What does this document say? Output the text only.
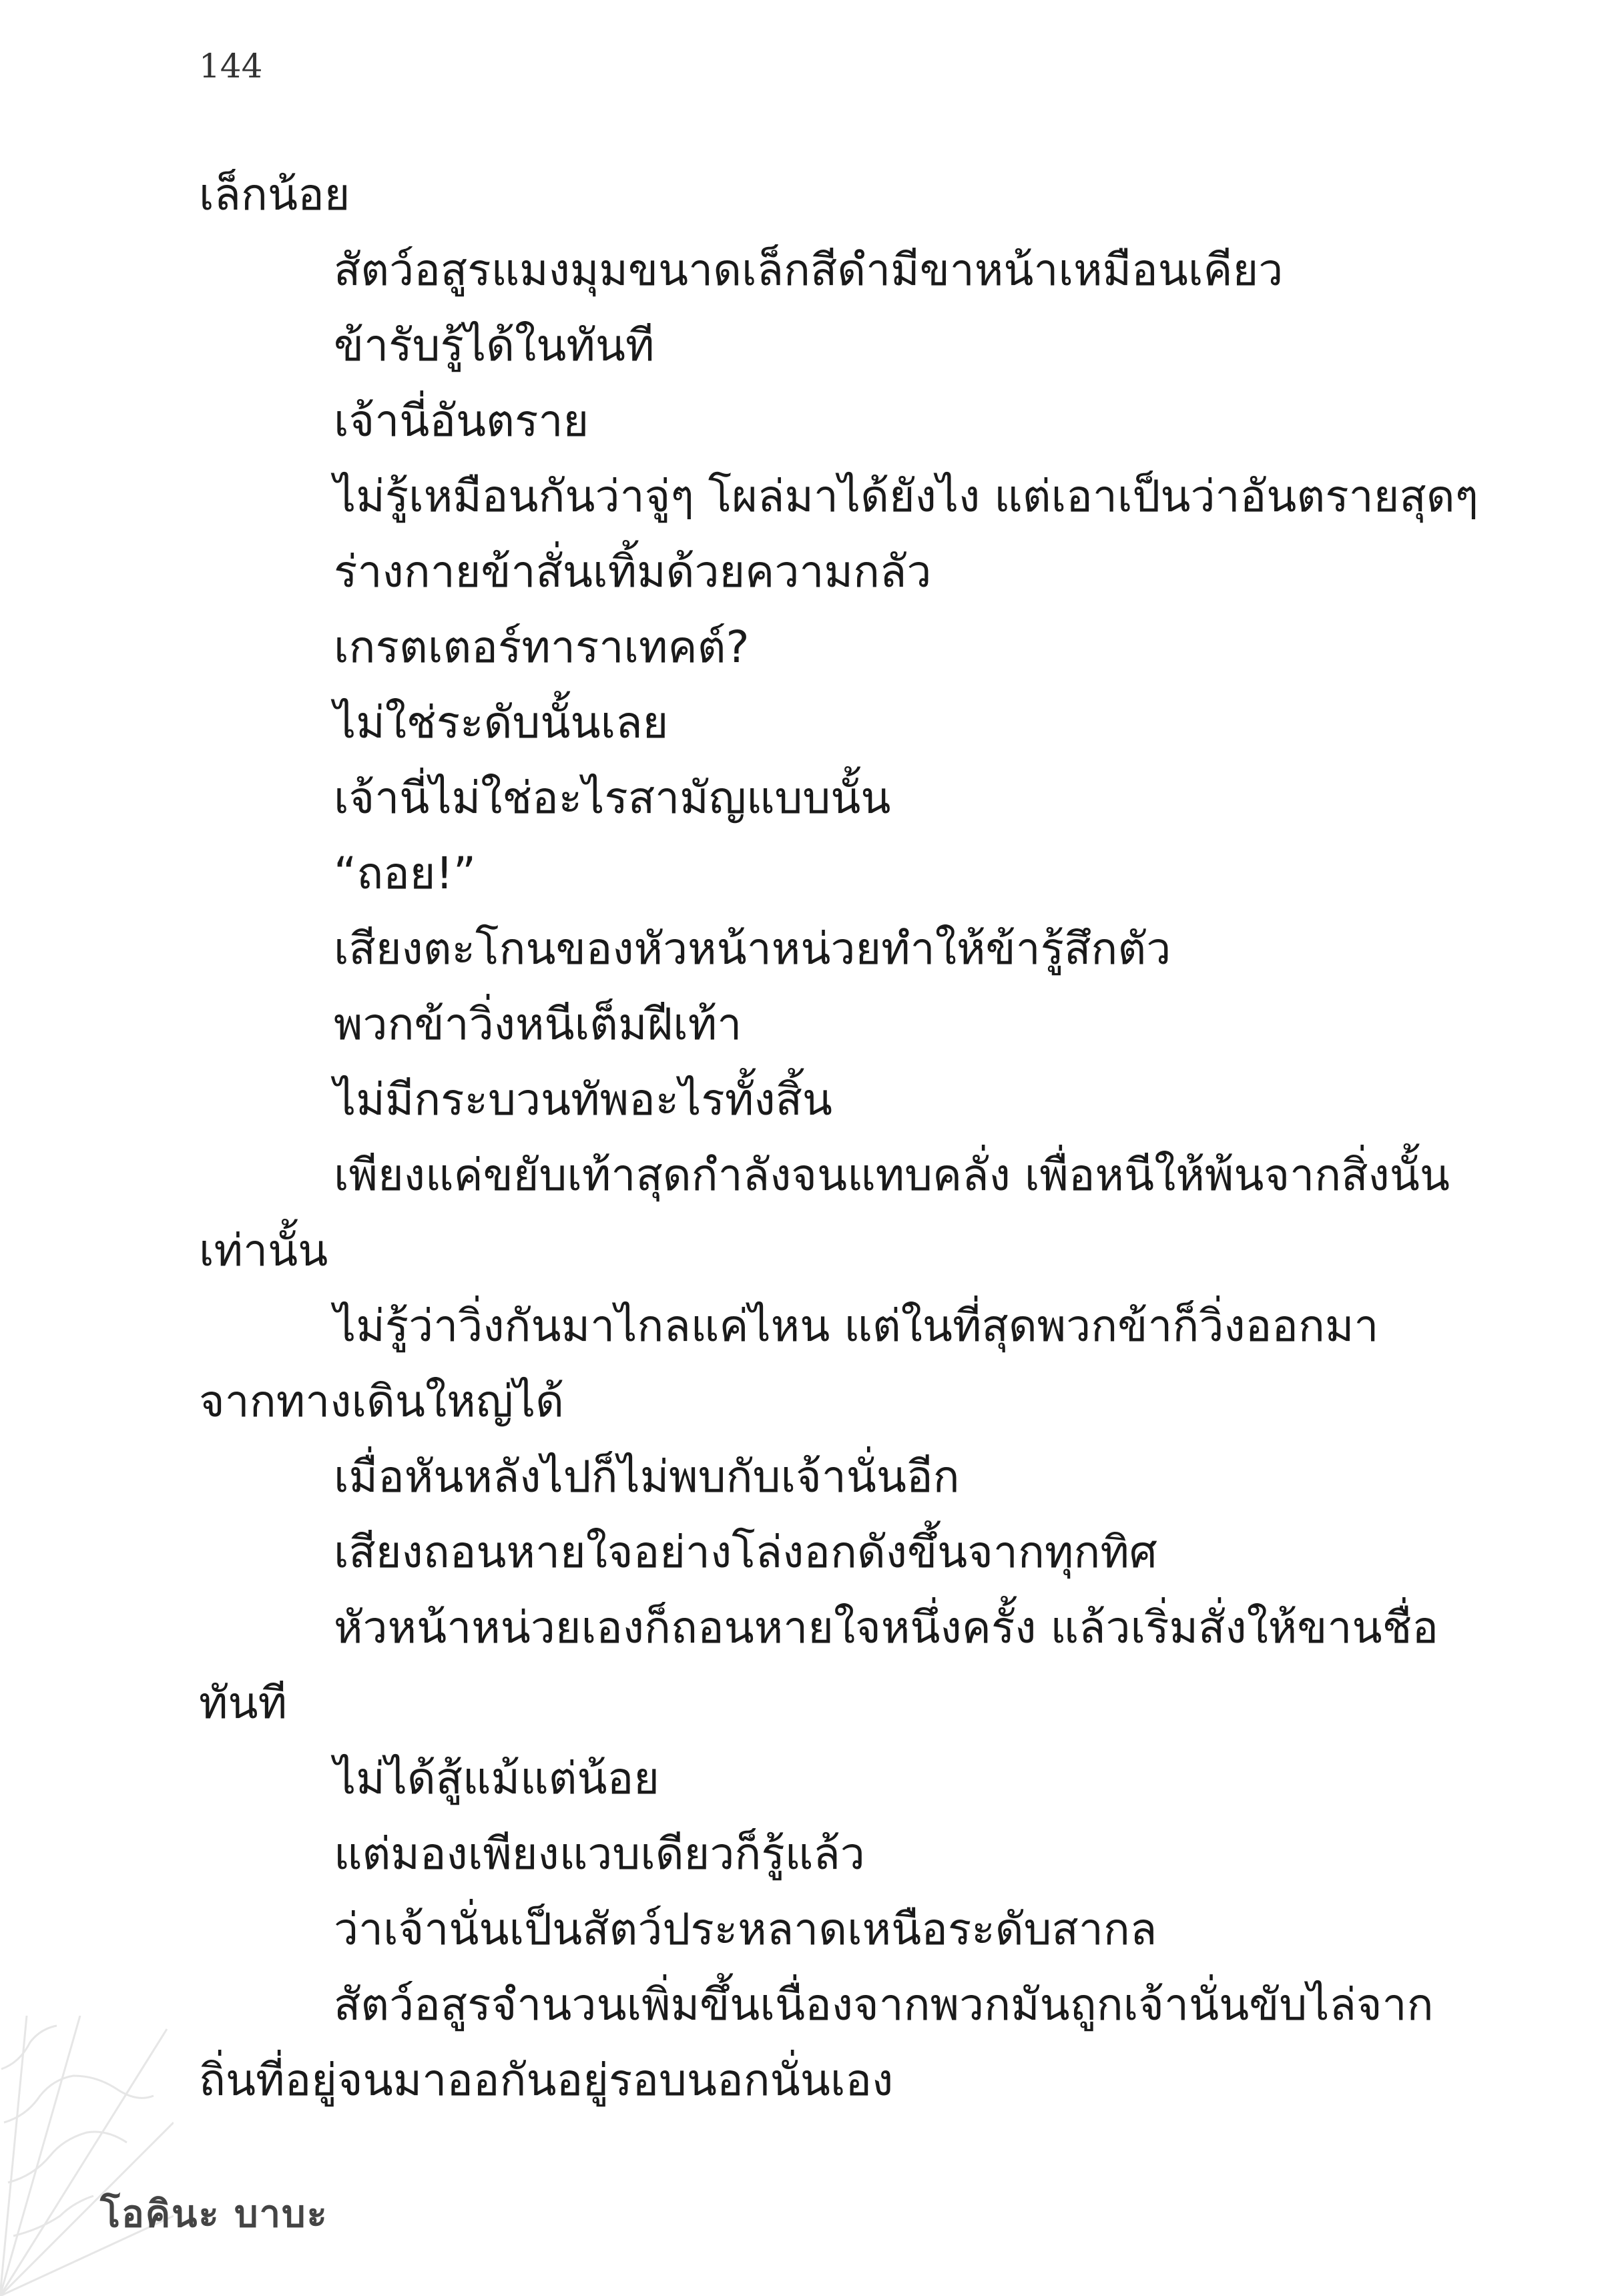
144
เล็กน้อย
สัตว์อสูรแมงมุมขนาดเล็กสีดำมีขาหน้าเหมือนเคียว
ข้ารับรู้ได้ในทันที
เจ้านี่อันตราย
ไม่รู้เหมือนกันว่าจู่ๆ โผล่มาได้ยังไง แต่เอาเป็นว่าอันตรายสุดๆ
ร่างกายข้าสั่นเทิ้มด้วยความกลัว
เกรตเตอร์ทาราเทคต์?
ไม่ใช่ระดับนั้นเลย
เจ้านี่ไม่ใช่อะไรสามัญแบบนั้น
“ถอย!”
เสียงตะโกนของหัวหน้าหน่วยทำให้ข้ารู้สึกตัว
พวกข้าวิ่งหนีเต็มฝีเท้า
ไม่มีกระบวนทัพอะไรทั้งสิ้น
เพียงแค่ขยับเท้าสุดกำลังจนแทบคลั่ง เพื่อหนีให้พ้นจากสิ่งนั้น
เท่านั้น
ไม่รู้ว่าวิ่งกันมาไกลแค่ไหน แต่ในที่สุดพวกข้าก็วิ่งออกมา
จากทางเดินใหญ่ได้
เมื่อหันหลังไปก็ไม่พบกับเจ้านั่นอีก
เสียงถอนหายใจอย่างโล่งอกดังขึ้นจากทุกทิศ
หัวหน้าหน่วยเองก็ถอนหายใจหนึ่งครั้ง แล้วเริ่มสั่งให้ขานชื่อ
ทันที
ไม่ได้สู้แม้แต่น้อย
แต่มองเพียงแวบเดียวก็รู้แล้ว
ว่าเจ้านั่นเป็นสัตว์ประหลาดเหนือระดับสากล
สัตว์อสูรจำนวนเพิ่มขึ้นเนื่องจากพวกมันถูกเจ้านั่นขับไล่จาก
ถิ่นที่อยู่จนมาออกันอยู่รอบนอกนั่นเอง
โอคินะ บาบะ
